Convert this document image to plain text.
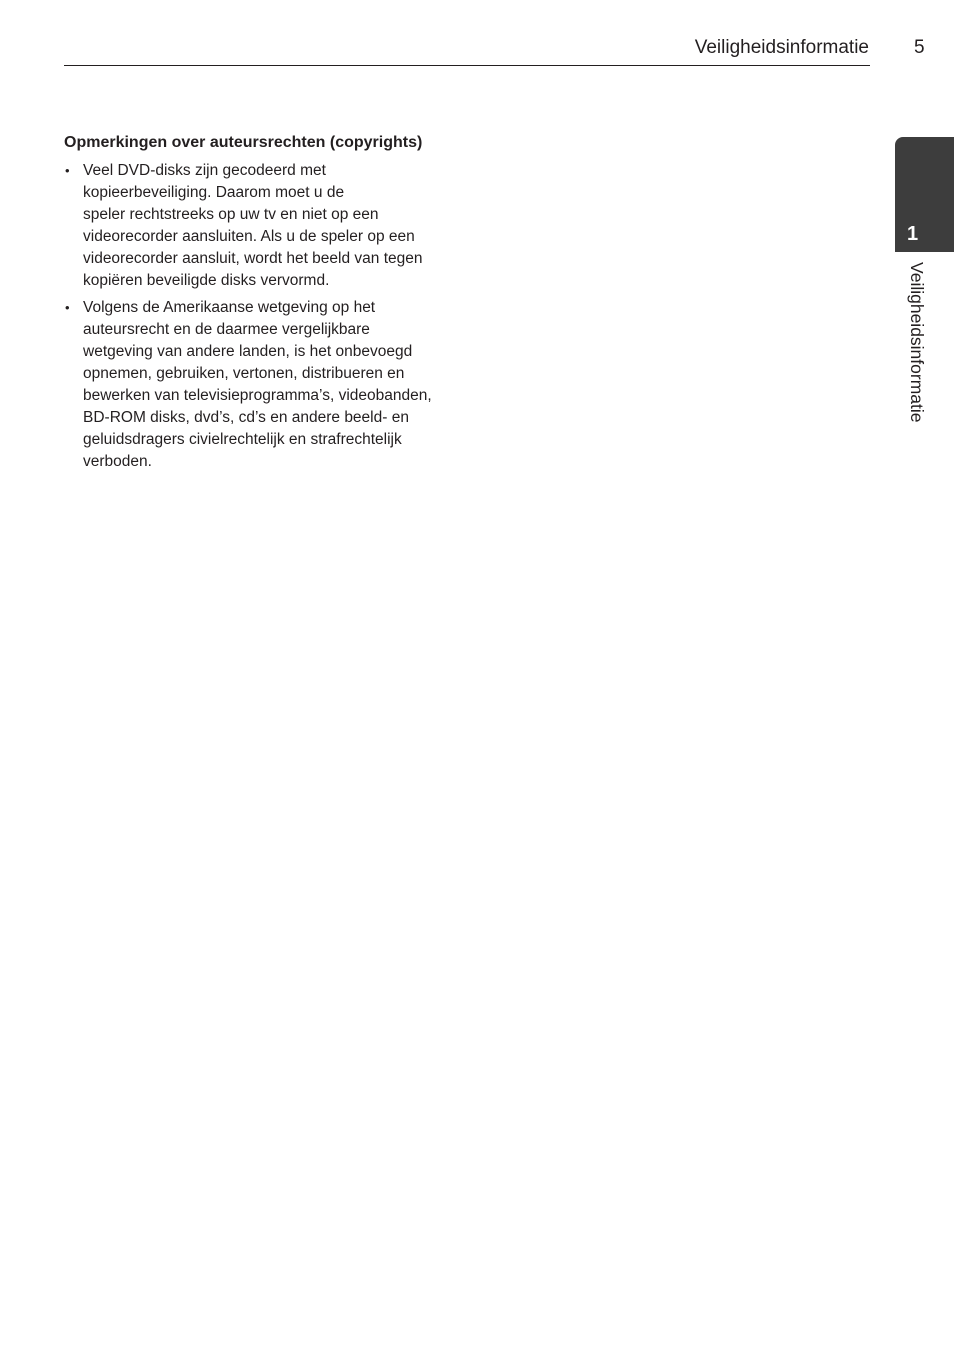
Veiligheidsinformatie 5
Opmerkingen over auteursrechten (copyrights)
• Veel DVD-disks zijn gecodeerd met
kopieerbeveiliging. Daarom moet u de
speler rechtstreeks op uw tv en niet op een
videorecorder aansluiten. Als u de speler op een
videorecorder aansluit, wordt het beeld van tegen
kopiëren beveiligde disks vervormd.
• Volgens de Amerikaanse wetgeving op het
auteursrecht en de daarmee vergelijkbare
wetgeving van andere landen, is het onbevoegd
opnemen, gebruiken, vertonen, distribueren en
bewerken van televisieprogramma’s, videobanden,
BD-ROM disks, dvd’s, cd’s en andere beeld- en
geluidsdragers civielrechtelijk en strafrechtelijk
verboden.
1
Veiligheidsinformatie
